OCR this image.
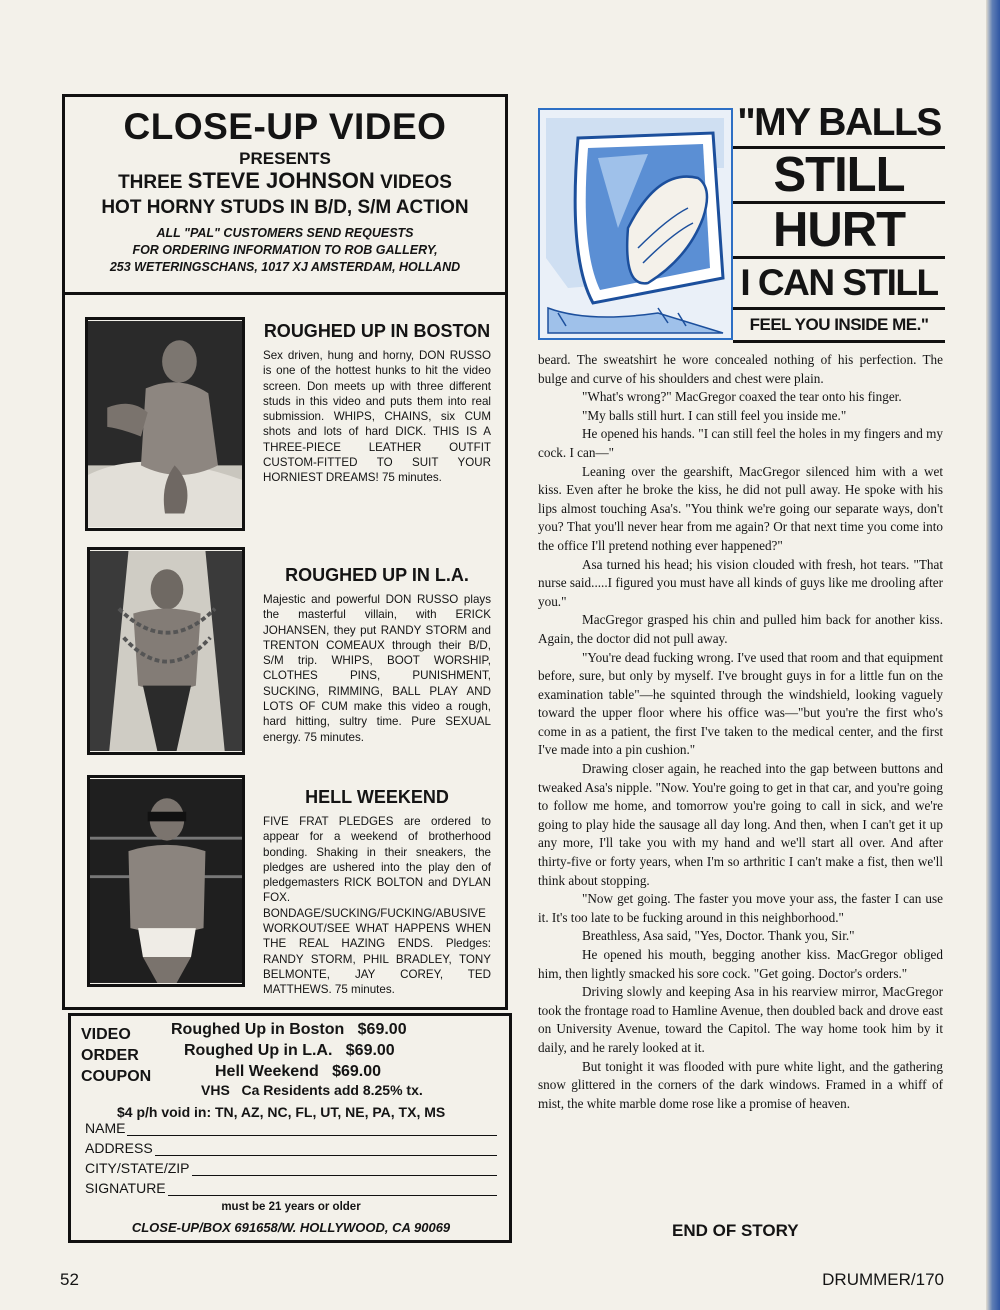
CLOSE-UP VIDEO
PRESENTS
THREE STEVE JOHNSON VIDEOS
HOT HORNY STUDS IN B/D, S/M ACTION
ALL "PAL" CUSTOMERS SEND REQUESTS
FOR ORDERING INFORMATION TO ROB GALLERY,
253 WETERINGSCHANS, 1017 XJ AMSTERDAM, HOLLAND
ROUGHED UP IN BOSTON
Sex driven, hung and horny, DON RUSSO is one of the hottest hunks to hit the video screen. Don meets up with three different studs in this video and puts them into real submission. WHIPS, CHAINS, six CUM shots and lots of hard DICK. THIS IS A THREE-PIECE LEATHER OUTFIT CUSTOM-FITTED TO SUIT YOUR HORNIEST DREAMS! 75 minutes.
ROUGHED UP IN L.A.
Majestic and powerful DON RUSSO plays the masterful villain, with ERICK JOHANSEN, they put RANDY STORM and TRENTON COMEAUX through their B/D, S/M trip. WHIPS, BOOT WORSHIP, CLOTHES PINS, PUNISHMENT, SUCKING, RIMMING, BALL PLAY AND LOTS OF CUM make this video a rough, hard hitting, sultry time. Pure SEXUAL energy. 75 minutes.
HELL WEEKEND
FIVE FRAT PLEDGES are ordered to appear for a weekend of brotherhood bonding. Shaking in their sneakers, the pledges are ushered into the play den of pledgemasters RICK BOLTON and DYLAN FOX. BONDAGE/SUCKING/FUCKING/ABUSIVE WORKOUT/SEE WHAT HAPPENS WHEN THE REAL HAZING ENDS. Pledges: RANDY STORM, PHIL BRADLEY, TONY BELMONTE, JAY COREY, TED MATTHEWS. 75 minutes.
VIDEO
ORDER
COUPON
Roughed Up in Boston $69.00
Roughed Up in L.A. $69.00
Hell Weekend $69.00
VHS Ca Residents add 8.25% tx.
$4 p/h void in: TN, AZ, NC, FL, UT, NE, PA, TX, MS
NAME
ADDRESS
CITY/STATE/ZIP
SIGNATURE
must be 21 years or older
CLOSE-UP/BOX 691658/W. HOLLYWOOD, CA 90069
"MY BALLS
STILL
HURT
I CAN STILL
FEEL YOU INSIDE ME."

beard. The sweatshirt he wore concealed nothing of his perfection. The bulge and curve of his shoulders and chest were plain.

"What's wrong?" MacGregor coaxed the tear onto his finger.

"My balls still hurt. I can still feel you inside me."

He opened his hands. "I can still feel the holes in my fingers and my cock. I can—"

Leaning over the gearshift, MacGregor silenced him with a wet kiss. Even after he broke the kiss, he did not pull away. He spoke with his lips almost touching Asa's. "You think we're going our separate ways, don't you? That you'll never hear from me again? Or that next time you come into the office I'll pretend nothing ever happened?"

Asa turned his head; his vision clouded with fresh, hot tears. "That nurse said.....I figured you must have all kinds of guys like me drooling after you."

MacGregor grasped his chin and pulled him back for another kiss. Again, the doctor did not pull away.

"You're dead fucking wrong. I've used that room and that equipment before, sure, but only by myself. I've brought guys in for a little fun on the examination table"—he squinted through the windshield, looking vaguely toward the upper floor where his office was—"but you're the first who's come in as a patient, the first I've taken to the medical center, and the first I've made into a pin cushion."

Drawing closer again, he reached into the gap between buttons and tweaked Asa's nipple. "Now. You're going to get in that car, and you're going to follow me home, and tomorrow you're going to call in sick, and we're going to play hide the sausage all day long. And then, when I can't get it up any more, I'll take you with my hand and we'll start all over. And after thirty-five or forty years, when I'm so arthritic I can't make a fist, then we'll think about stopping.

"Now get going. The faster you move your ass, the faster I can use it. It's too late to be fucking around in this neighborhood."

Breathless, Asa said, "Yes, Doctor. Thank you, Sir."

He opened his mouth, begging another kiss. MacGregor obliged him, then lightly smacked his sore cock. "Get going. Doctor's orders."

Driving slowly and keeping Asa in his rearview mirror, MacGregor took the frontage road to Hamline Avenue, then doubled back and drove east on University Avenue, toward the Capitol. The way home took him by it daily, and he rarely looked at it.

But tonight it was flooded with pure white light, and the gathering snow glittered in the corners of the dark windows. Framed in a whiff of mist, the white marble dome rose like a promise of heaven.

END OF STORY
52	DRUMMER/170
